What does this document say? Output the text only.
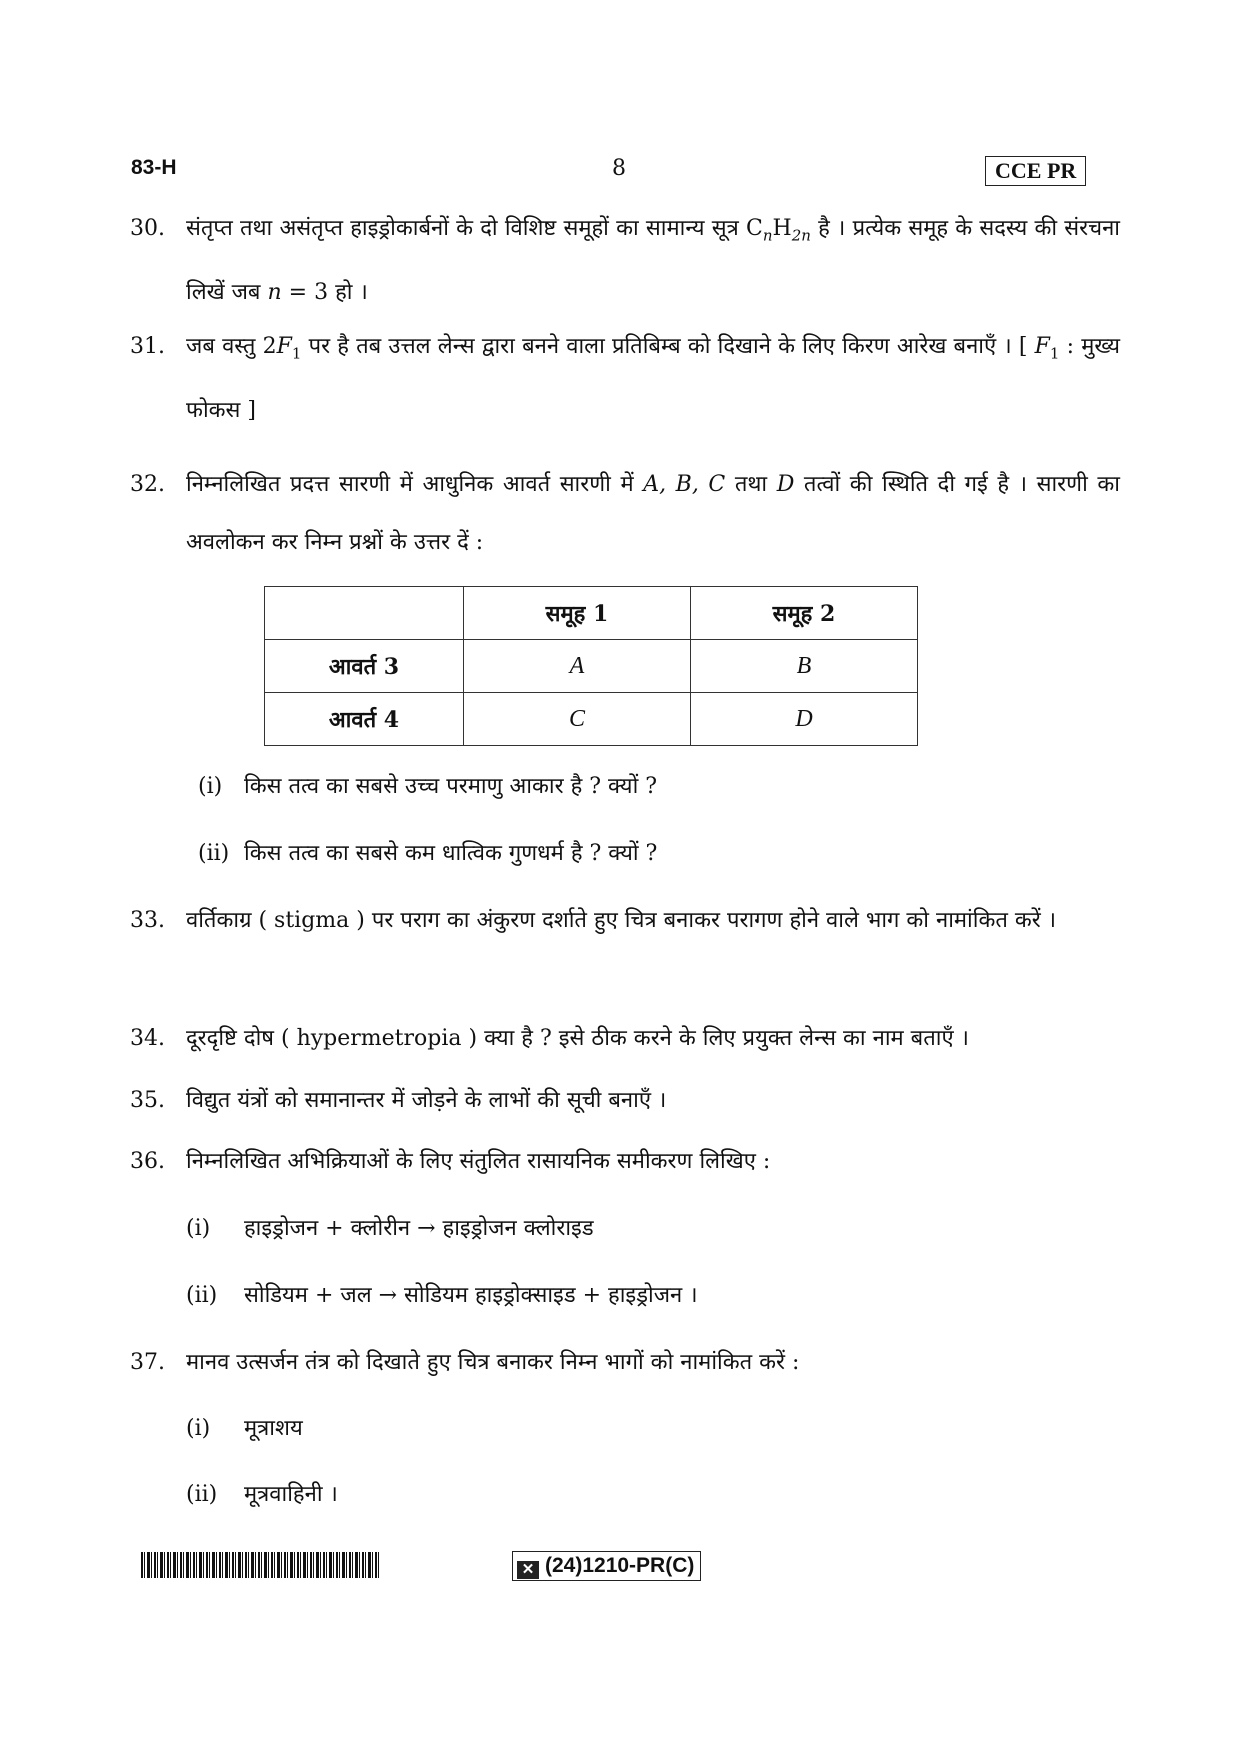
83-H	8	CCE PR
30. संतृप्त तथा असंतृप्त हाइड्रोकार्बनों के दो विशिष्ट समूहों का सामान्य सूत्र $C_nH_{2n}$ है । प्रत्येक समूह के सदस्य की संरचना लिखें जब n = 3 हो ।
31. जब वस्तु $2F_1$ पर है तब उत्तल लेन्स द्वारा बनने वाला प्रतिबिम्ब को दिखाने के लिए किरण आरेख बनाएँ । [ $F_1$ : मुख्य फोकस ]
32. निम्नलिखित प्रदत्त सारणी में आधुनिक आवर्त सारणी में A, B, C तथा D तत्वों की स्थिति दी गई है । सारणी का अवलोकन कर निम्न प्रश्नों के उत्तर दें :
	समूह 1	समूह 2
आवर्त 3	A	B
आवर्त 4	C	D
(i) किस तत्व का सबसे उच्च परमाणु आकार है ? क्यों ?
(ii) किस तत्व का सबसे कम धात्विक गुणधर्म है ? क्यों ?
33. वर्तिकाग्र ( stigma ) पर पराग का अंकुरण दर्शाते हुए चित्र बनाकर परागण होने वाले भाग को नामांकित करें ।
34. दूरदृष्टि दोष ( hypermetropia ) क्या है ? इसे ठीक करने के लिए प्रयुक्त लेन्स का नाम बताएँ ।
35. विद्युत यंत्रों को समानान्तर में जोड़ने के लाभों की सूची बनाएँ ।
36. निम्नलिखित अभिक्रियाओं के लिए संतुलित रासायनिक समीकरण लिखिए :
(i) हाइड्रोजन + क्लोरीन → हाइड्रोजन क्लोराइड
(ii) सोडियम + जल → सोडियम हाइड्रोक्साइड + हाइड्रोजन ।
37. मानव उत्सर्जन तंत्र को दिखाते हुए चित्र बनाकर निम्न भागों को नामांकित करें :
(i) मूत्राशय
(ii) मूत्रवाहिनी ।
✕ (24)1210-PR(C)
